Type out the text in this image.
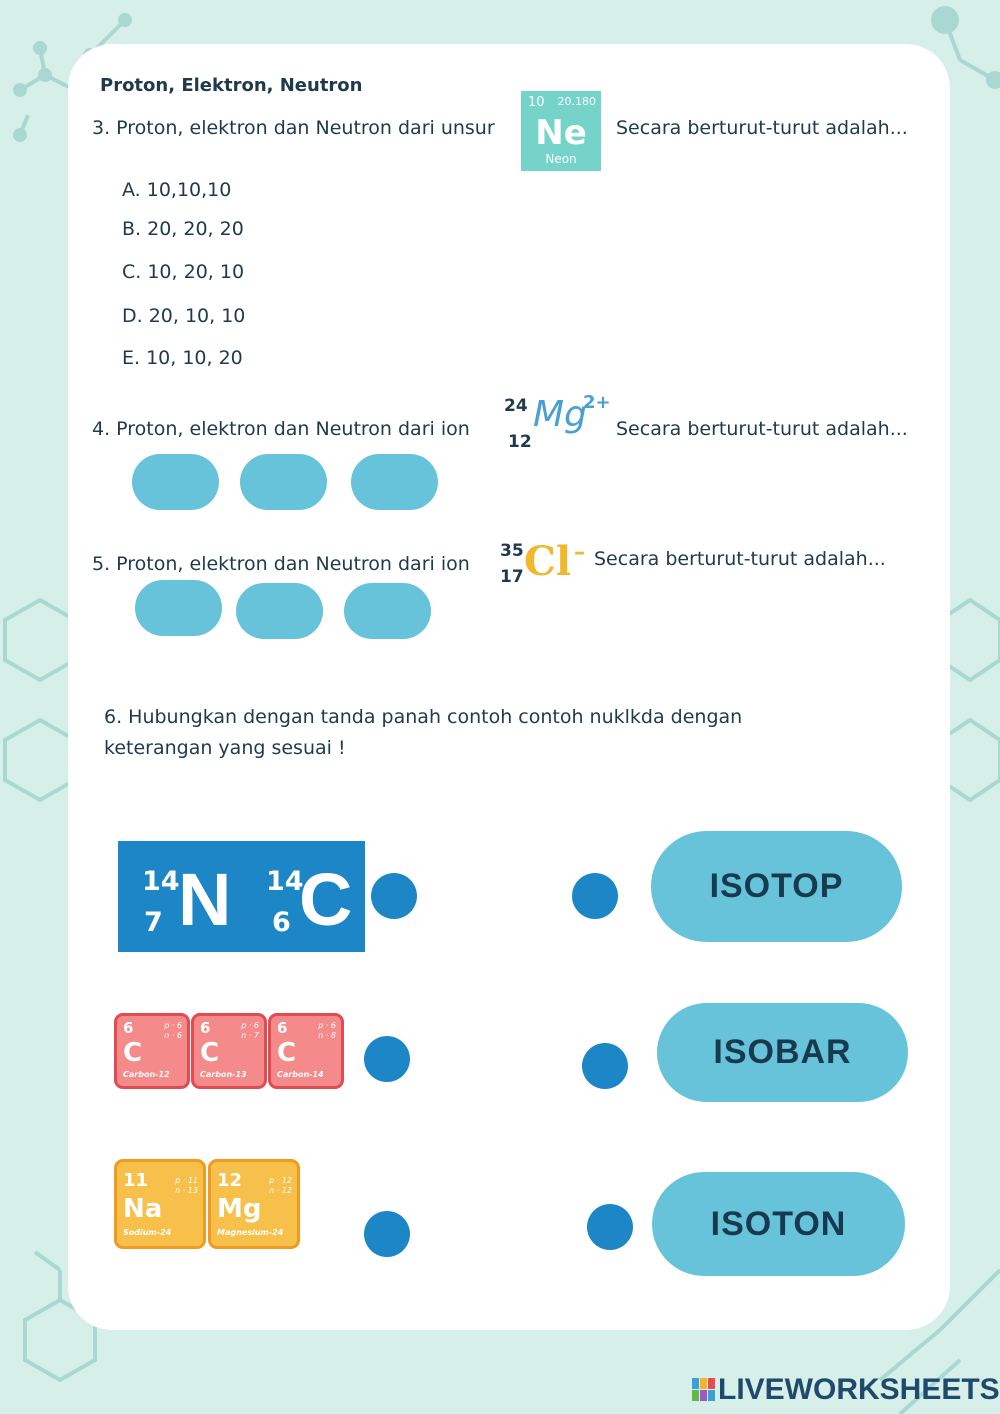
Proton, Elektron, Neutron
3. Proton, elektron dan Neutron dari unsur
10 20.180
Ne
Neon
Secara berturut-turut adalah...
A. 10,10,10
B. 20, 20, 20
C. 10, 20, 10
D. 20, 10, 10
E. 10, 10, 20
4. Proton, elektron dan Neutron dari ion
24
12
Mg
2+
Secara berturut-turut adalah...
5. Proton, elektron dan Neutron dari ion
35
17 Cl – Secara berturut-turut adalah...
6. Hubungkan dengan tanda panah contoh contoh nuklkda dengan
keterangan yang sesuai !
14
7 N 14
6 C	ISOTOP
6	p · 6
n · 6
C
Carbon-12
6	p · 6
n · 7
C
Carbon-13
6	p · 6
n · 8
C
Carbon-14
ISOBAR
11	p · 11
n · 13
Na
Sodium-24
12	p · 12
n · 12
Mg
Magnesium-24	ISOTON
LIVEWORKSHEETS
